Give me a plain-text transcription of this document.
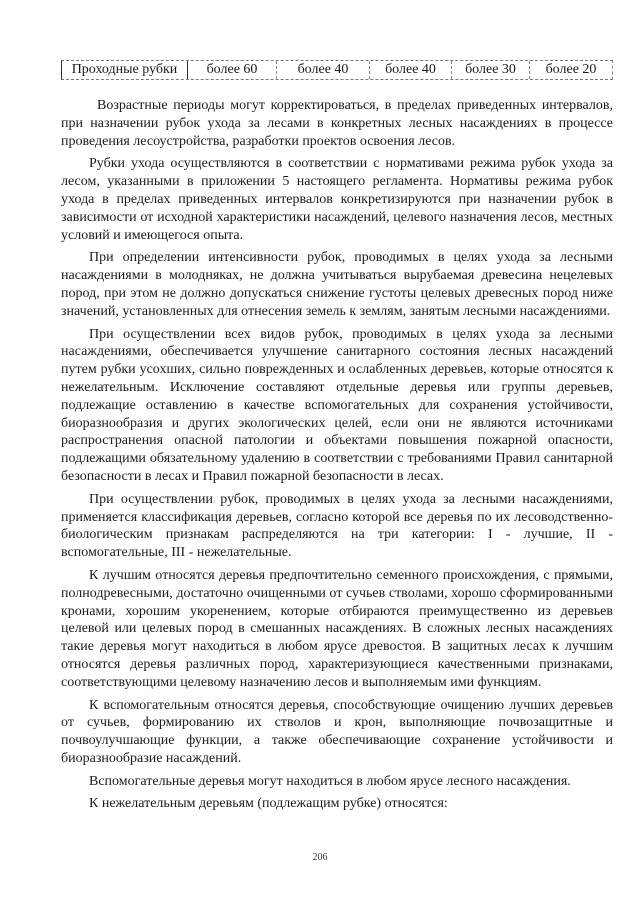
Проходные рубки	более 60	более 40	более 40	более 30	более 20

Возрастные периоды могут корректироваться, в пределах приведенных интервалов, при назначении рубок ухода за лесами в конкретных лесных насаждениях в процессе проведения лесоустройства, разработки проектов освоения лесов.

Рубки ухода осуществляются в соответствии с нормативами режима рубок ухода за лесом, указанными в приложении 5 настоящего регламента. Нормативы режима рубок ухода в пределах приведенных интервалов конкретизируются при назначении рубок в зависимости от исходной характеристики насаждений, целевого назначения лесов, местных условий и имеющегося опыта.

При определении интенсивности рубок, проводимых в целях ухода за лесными насаждениями в молодняках, не должна учитываться вырубаемая древесина нецелевых пород, при этом не должно допускаться снижение густоты целевых древесных пород ниже значений, установленных для отнесения земель к землям, занятым лесными насаждениями.

При осуществлении всех видов рубок, проводимых в целях ухода за лесными насаждениями, обеспечивается улучшение санитарного состояния лесных насаждений путем рубки усохших, сильно поврежденных и ослабленных деревьев, которые относятся к нежелательным. Исключение составляют отдельные деревья или группы деревьев, подлежащие оставлению в качестве вспомогательных для сохранения устойчивости, биоразнообразия и других экологических целей, если они не являются источниками распространения опасной патологии и объектами повышения пожарной опасности, подлежащими обязательному удалению в соответствии с требованиями Правил санитарной безопасности в лесах и Правил пожарной безопасности в лесах.

При осуществлении рубок, проводимых в целях ухода за лесными насаждениями, применяется классификация деревьев, согласно которой все деревья по их лесоводственно-биологическим признакам распределяются на три категории: I - лучшие, II - вспомогательные, III - нежелательные.

К лучшим относятся деревья предпочтительно семенного происхождения, с прямыми, полнодревесными, достаточно очищенными от сучьев стволами, хорошо сформированными кронами, хорошим укоренением, которые отбираются преимущественно из деревьев целевой или целевых пород в смешанных насаждениях. В сложных лесных насаждениях такие деревья могут находиться в любом ярусе древостоя. В защитных лесах к лучшим относятся деревья различных пород, характеризующиеся качественными признаками, соответствующими целевому назначению лесов и выполняемым ими функциям.

К вспомогательным относятся деревья, способствующие очищению лучших деревьев от сучьев, формированию их стволов и крон, выполняющие почвозащитные и почвоулучшающие функции, а также обеспечивающие сохранение устойчивости и биоразнообразие насаждений.

Вспомогательные деревья могут находиться в любом ярусе лесного насаждения.

К нежелательным деревьям (подлежащим рубке) относятся:

206
